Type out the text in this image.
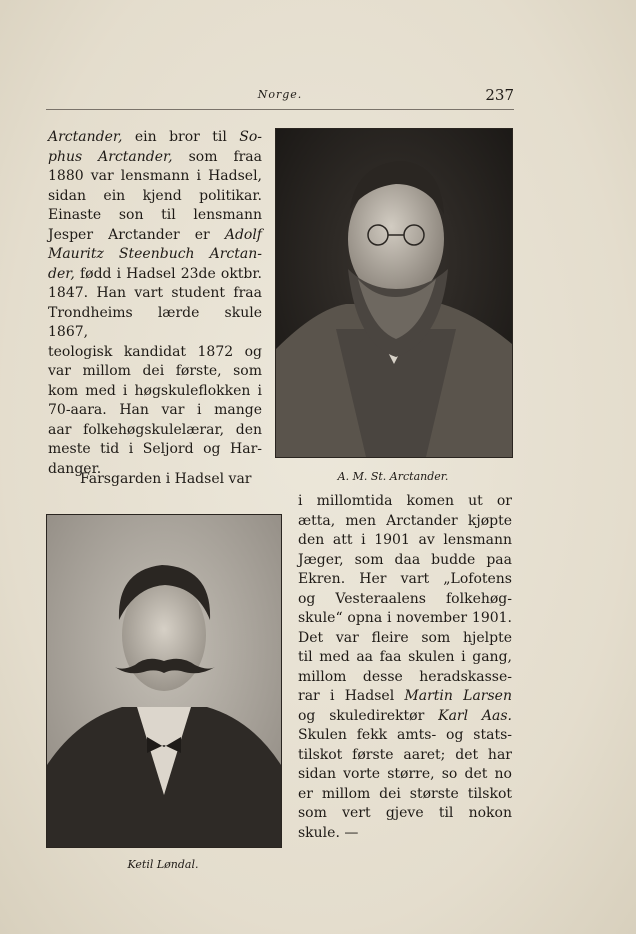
Norge.	237

Arctander, ein bror til So-

phus Arctander, som fraa

1880 var lensmann i Hadsel,

sidan ein kjend politikar.

Einaste son til lensmann

Jesper Arctander er Adolf

Mauritz Steenbuch Arctan-

der, fødd i Hadsel 23de oktbr.

1847. Han vart student fraa

Trondheims lærde skule 1867,

teologisk kandidat 1872 og

var millom dei første, som

kom med i høgskuleflokken i

70-aara. Han var i mange

aar folkehøgskulelærar, den

meste tid i Seljord og Har-

danger.

Farsgarden i Hadsel var	A. M. St. Arctander.
Ketil Løndal.

i millomtida komen ut or

ætta, men Arctander kjøpte

den att i 1901 av lensmann

Jæger, som daa budde paa

Ekren. Her vart „Lofotens

og Vesteraalens folkehøg-

skule“ opna i november 1901.

Det var fleire som hjelpte

til med aa faa skulen i gang,

millom desse heradskasse-

rar i Hadsel Martin Larsen

og skuledirektør Karl Aas.

Skulen fekk amts- og stats-

tilskot første aaret; det har

sidan vorte større, so det no

er millom dei største tilskot

som vert gjeve til nokon

skule. —
